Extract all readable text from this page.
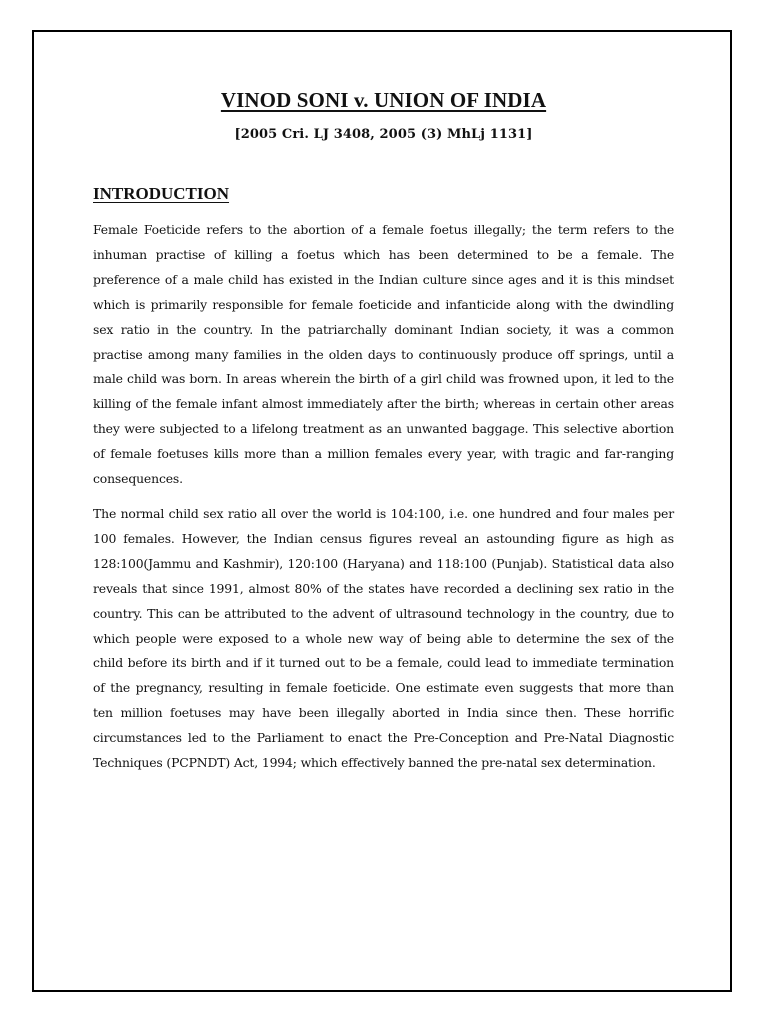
VINOD SONI v. UNION OF INDIA
[2005 Cri. LJ 3408, 2005 (3) MhLj 1131]
INTRODUCTION

Female Foeticide refers to the abortion of a female foetus illegally; the term refers to the inhuman practise of killing a foetus which has been determined to be a female. The preference of a male child has existed in the Indian culture since ages and it is this mindset which is primarily responsible for female foeticide and infanticide along with the dwindling sex ratio in the country. In the patriarchally dominant Indian society, it was a common practise among many families in the olden days to continuously produce off springs, until a male child was born. In areas wherein the birth of a girl child was frowned upon, it led to the killing of the female infant almost immediately after the birth; whereas in certain other areas they were subjected to a lifelong treatment as an unwanted baggage. This selective abortion of female foetuses kills more than a million females every year, with tragic and far-ranging consequences.

The normal child sex ratio all over the world is 104:100, i.e. one hundred and four males per 100 females. However, the Indian census figures reveal an astounding figure as high as 128:100(Jammu and Kashmir), 120:100 (Haryana) and 118:100 (Punjab). Statistical data also reveals that since 1991, almost 80% of the states have recorded a declining sex ratio in the country. This can be attributed to the advent of ultrasound technology in the country, due to which people were exposed to a whole new way of being able to determine the sex of the child before its birth and if it turned out to be a female, could lead to immediate termination of the pregnancy, resulting in female foeticide. One estimate even suggests that more than ten million foetuses may have been illegally aborted in India since then. These horrific circumstances led to the Parliament to enact the Pre-Conception and Pre-Natal Diagnostic Techniques (PCPNDT) Act, 1994; which effectively banned the pre-natal sex determination.
